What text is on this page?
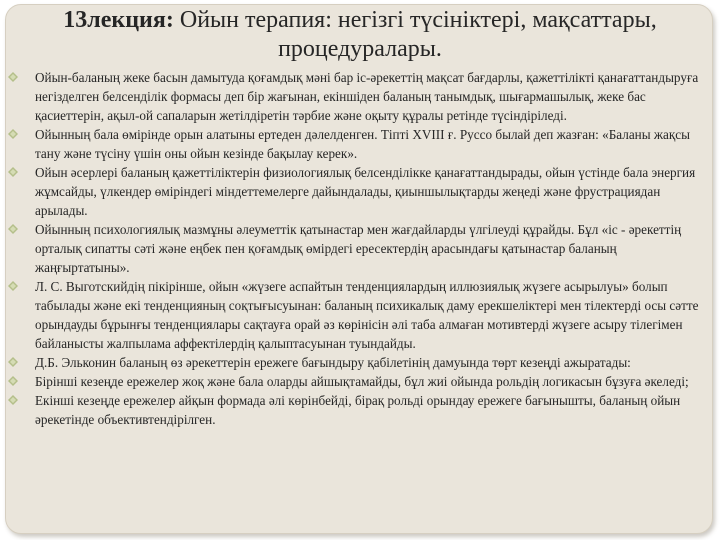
13лекция: Ойын терапия: негізгі түсініктері, мақсаттары, процедуралары.
Ойын-баланың жеке басын дамытуда қоғамдық мәні бар іс-әрекеттің мақсат бағдарлы, қажеттілікті қанағаттандыруға негізделген белсенділік формасы деп бір жағынан, екіншіден баланың танымдық, шығармашылық, жеке бас қасиеттерін, ақыл-ой сапаларын жетілдіретін тәрбие және оқыту құралы ретінде түсіндіріледі.
Ойынның бала өмірінде орын алатыны ертеден дәлелденген. Тіпті XVIII ғ. Руссо былай деп жазған: «Баланы жақсы тану және түсіну үшін оны ойын кезінде бақылау керек».
Ойын әсерлері баланың қажеттіліктерін физиологиялық белсенділікке қанағаттандырады, ойын үстінде бала энергия жұмсайды, үлкендер өміріндегі міндеттемелерге дайындалады, қиыншылықтарды жеңеді және фрустрациядан арылады.
Ойынның психологиялық мазмұны әлеуметтік қатынастар мен жағдайларды үлгілеуді құрайды. Бұл «іс - әрекеттің орталық сипатты сәті және еңбек пен қоғамдық өмірдегі ересектердің арасындағы қатынастар баланың жаңғыртатыны».
Л. С. Выготскийдің пікірінше, ойын «жүзеге аспайтын тенденциялардың иллюзиялық жүзеге асырылуы» болып табылады және екі тенденцияның соқтығысуынан: баланың психикалық даму ерекшеліктері мен тілектерді осы сәтте орындауды бұрынғы тенденциялары сақтауға орай әз көрінісін әлі таба алмаған мотивтерді жүзеге асыру тілегімен байланысты жалпылама аффектілердің қалыптасуынан туындайды.
Д.Б. Эльконин баланың өз әрекеттерін ережеге бағындыру қабілетінің дамуында төрт кезеңді ажыратады:
Бірінші кезеңде ережелер жоқ және бала оларды айшықтамайды, бұл жиі ойында рольдің логикасын бұзуға әкеледі;
Екінші кезеңде ережелер айқын формада әлі көрінбейді, бірақ рольді орындау ережеге бағынышты, баланың ойын әрекетінде объективтендірілген.
